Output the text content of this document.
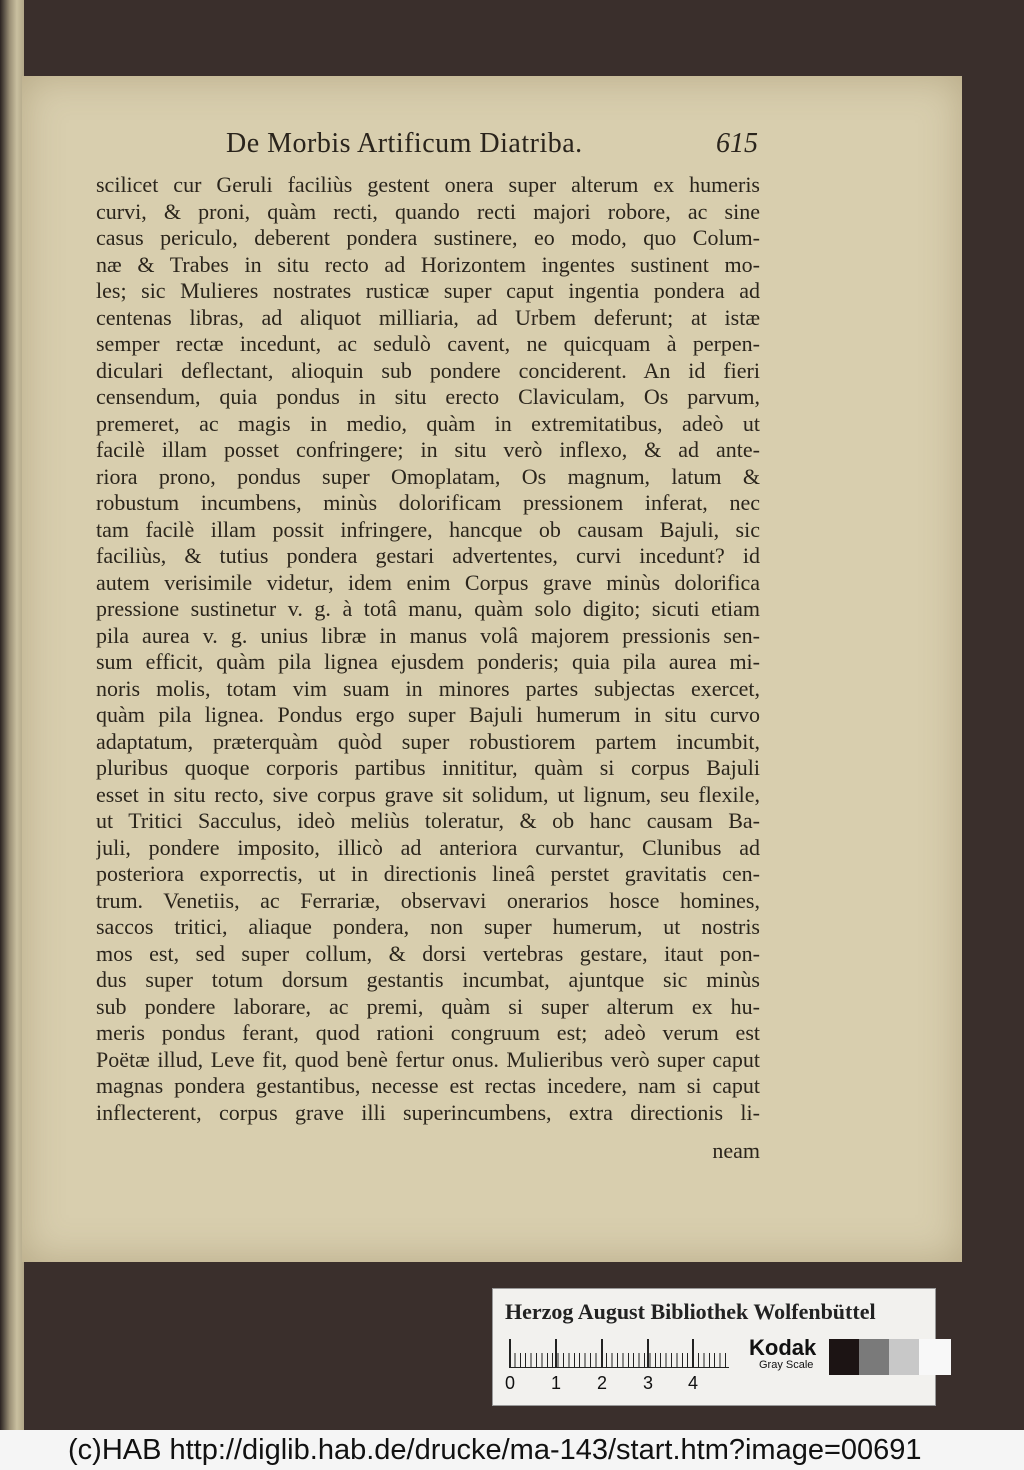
De Morbis Artificum Diatriba.	615
scilicet cur Geruli faciliùs gestent onera super alterum ex humeris
curvi, & proni, quàm recti, quando recti majori robore, ac sine
casus periculo, deberent pondera sustinere, eo modo, quo Colum-
næ & Trabes in situ recto ad Horizontem ingentes sustinent mo-
les; sic Mulieres nostrates rusticæ super caput ingentia pondera ad
centenas libras, ad aliquot milliaria, ad Urbem deferunt; at istæ
semper rectæ incedunt, ac sedulò cavent, ne quicquam à perpen-
diculari deflectant, alioquin sub pondere conciderent. An id fieri
censendum, quia pondus in situ erecto Claviculam, Os parvum,
premeret, ac magis in medio, quàm in extremitatibus, adeò ut
facilè illam posset confringere; in situ verò inflexo, & ad ante-
riora prono, pondus super Omoplatam, Os magnum, latum &
robustum incumbens, minùs dolorificam pressionem inferat, nec
tam facilè illam possit infringere, hancque ob causam Bajuli, sic
faciliùs, & tutius pondera gestari advertentes, curvi incedunt? id
autem verisimile videtur, idem enim Corpus grave minùs dolorifica
pressione sustinetur v. g. à totâ manu, quàm solo digito; sicuti etiam
pila aurea v. g. unius libræ in manus volâ majorem pressionis sen-
sum efficit, quàm pila lignea ejusdem ponderis; quia pila aurea mi-
noris molis, totam vim suam in minores partes subjectas exercet,
quàm pila lignea. Pondus ergo super Bajuli humerum in situ curvo
adaptatum, præterquàm quòd super robustiorem partem incumbit,
pluribus quoque corporis partibus innititur, quàm si corpus Bajuli
esset in situ recto, sive corpus grave sit solidum, ut lignum, seu flexile,
ut Tritici Sacculus, ideò meliùs toleratur, & ob hanc causam Ba-
juli, pondere imposito, illicò ad anteriora curvantur, Clunibus ad
posteriora exporrectis, ut in directionis lineâ perstet gravitatis cen-
trum. Venetiis, ac Ferrariæ, observavi onerarios hosce homines,
saccos tritici, aliaque pondera, non super humerum, ut nostris
mos est, sed super collum, & dorsi vertebras gestare, itaut pon-
dus super totum dorsum gestantis incumbat, ajuntque sic minùs
sub pondere laborare, ac premi, quàm si super alterum ex hu-
meris pondus ferant, quod rationi congruum est; adeò verum est
Poëtæ illud, Leve fit, quod benè fertur onus. Mulieribus verò super caput
magnas pondera gestantibus, necesse est rectas incedere, nam si caput
inflecterent, corpus grave illi superincumbens, extra directionis li-
neam
Herzog August Bibliothek Wolfenbüttel
0 1 2 3 4
Kodak
Gray Scale
(c)HAB http://diglib.hab.de/drucke/ma-143/start.htm?image=00691
